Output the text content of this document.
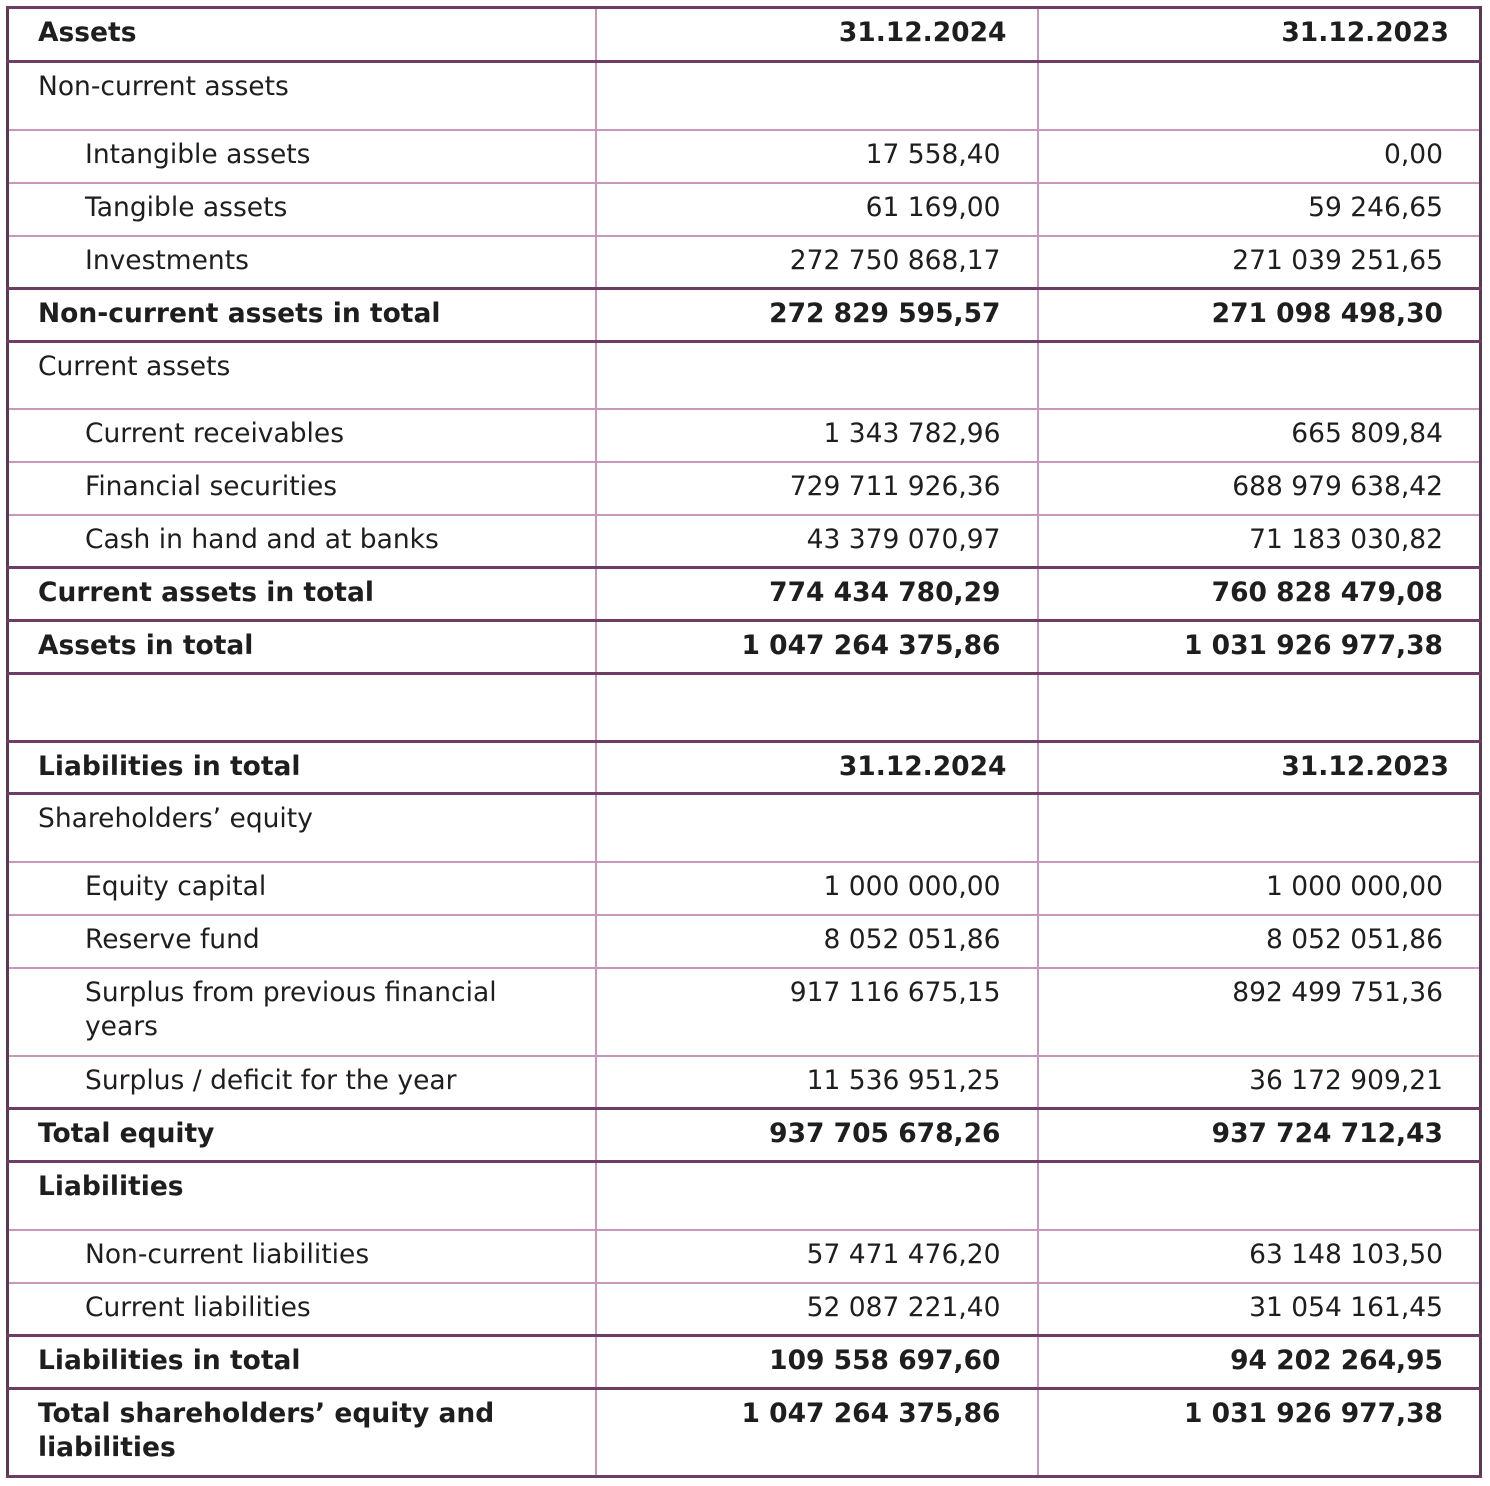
Assets	31.12.2024	31.12.2023
Non-current assets		
Intangible assets	17 558,40	0,00
Tangible assets	61 169,00	59 246,65
Investments	272 750 868,17	271 039 251,65
Non-current assets in total	272 829 595,57	271 098 498,30
Current assets		
Current receivables	1 343 782,96	665 809,84
Financial securities	729 711 926,36	688 979 638,42
Cash in hand and at banks	43 379 070,97	71 183 030,82
Current assets in total	774 434 780,29	760 828 479,08
Assets in total	1 047 264 375,86	1 031 926 977,38

Liabilities in total	31.12.2024	31.12.2023
Shareholders’ equity		
Equity capital	1 000 000,00	1 000 000,00
Reserve fund	8 052 051,86	8 052 051,86
Surplus from previous financial years	917 116 675,15	892 499 751,36
Surplus / deficit for the year	11 536 951,25	36 172 909,21
Total equity	937 705 678,26	937 724 712,43
Liabilities		
Non-current liabilities	57 471 476,20	63 148 103,50
Current liabilities	52 087 221,40	31 054 161,45
Liabilities in total	109 558 697,60	94 202 264,95
Total shareholders’ equity and liabilities	1 047 264 375,86	1 031 926 977,38
